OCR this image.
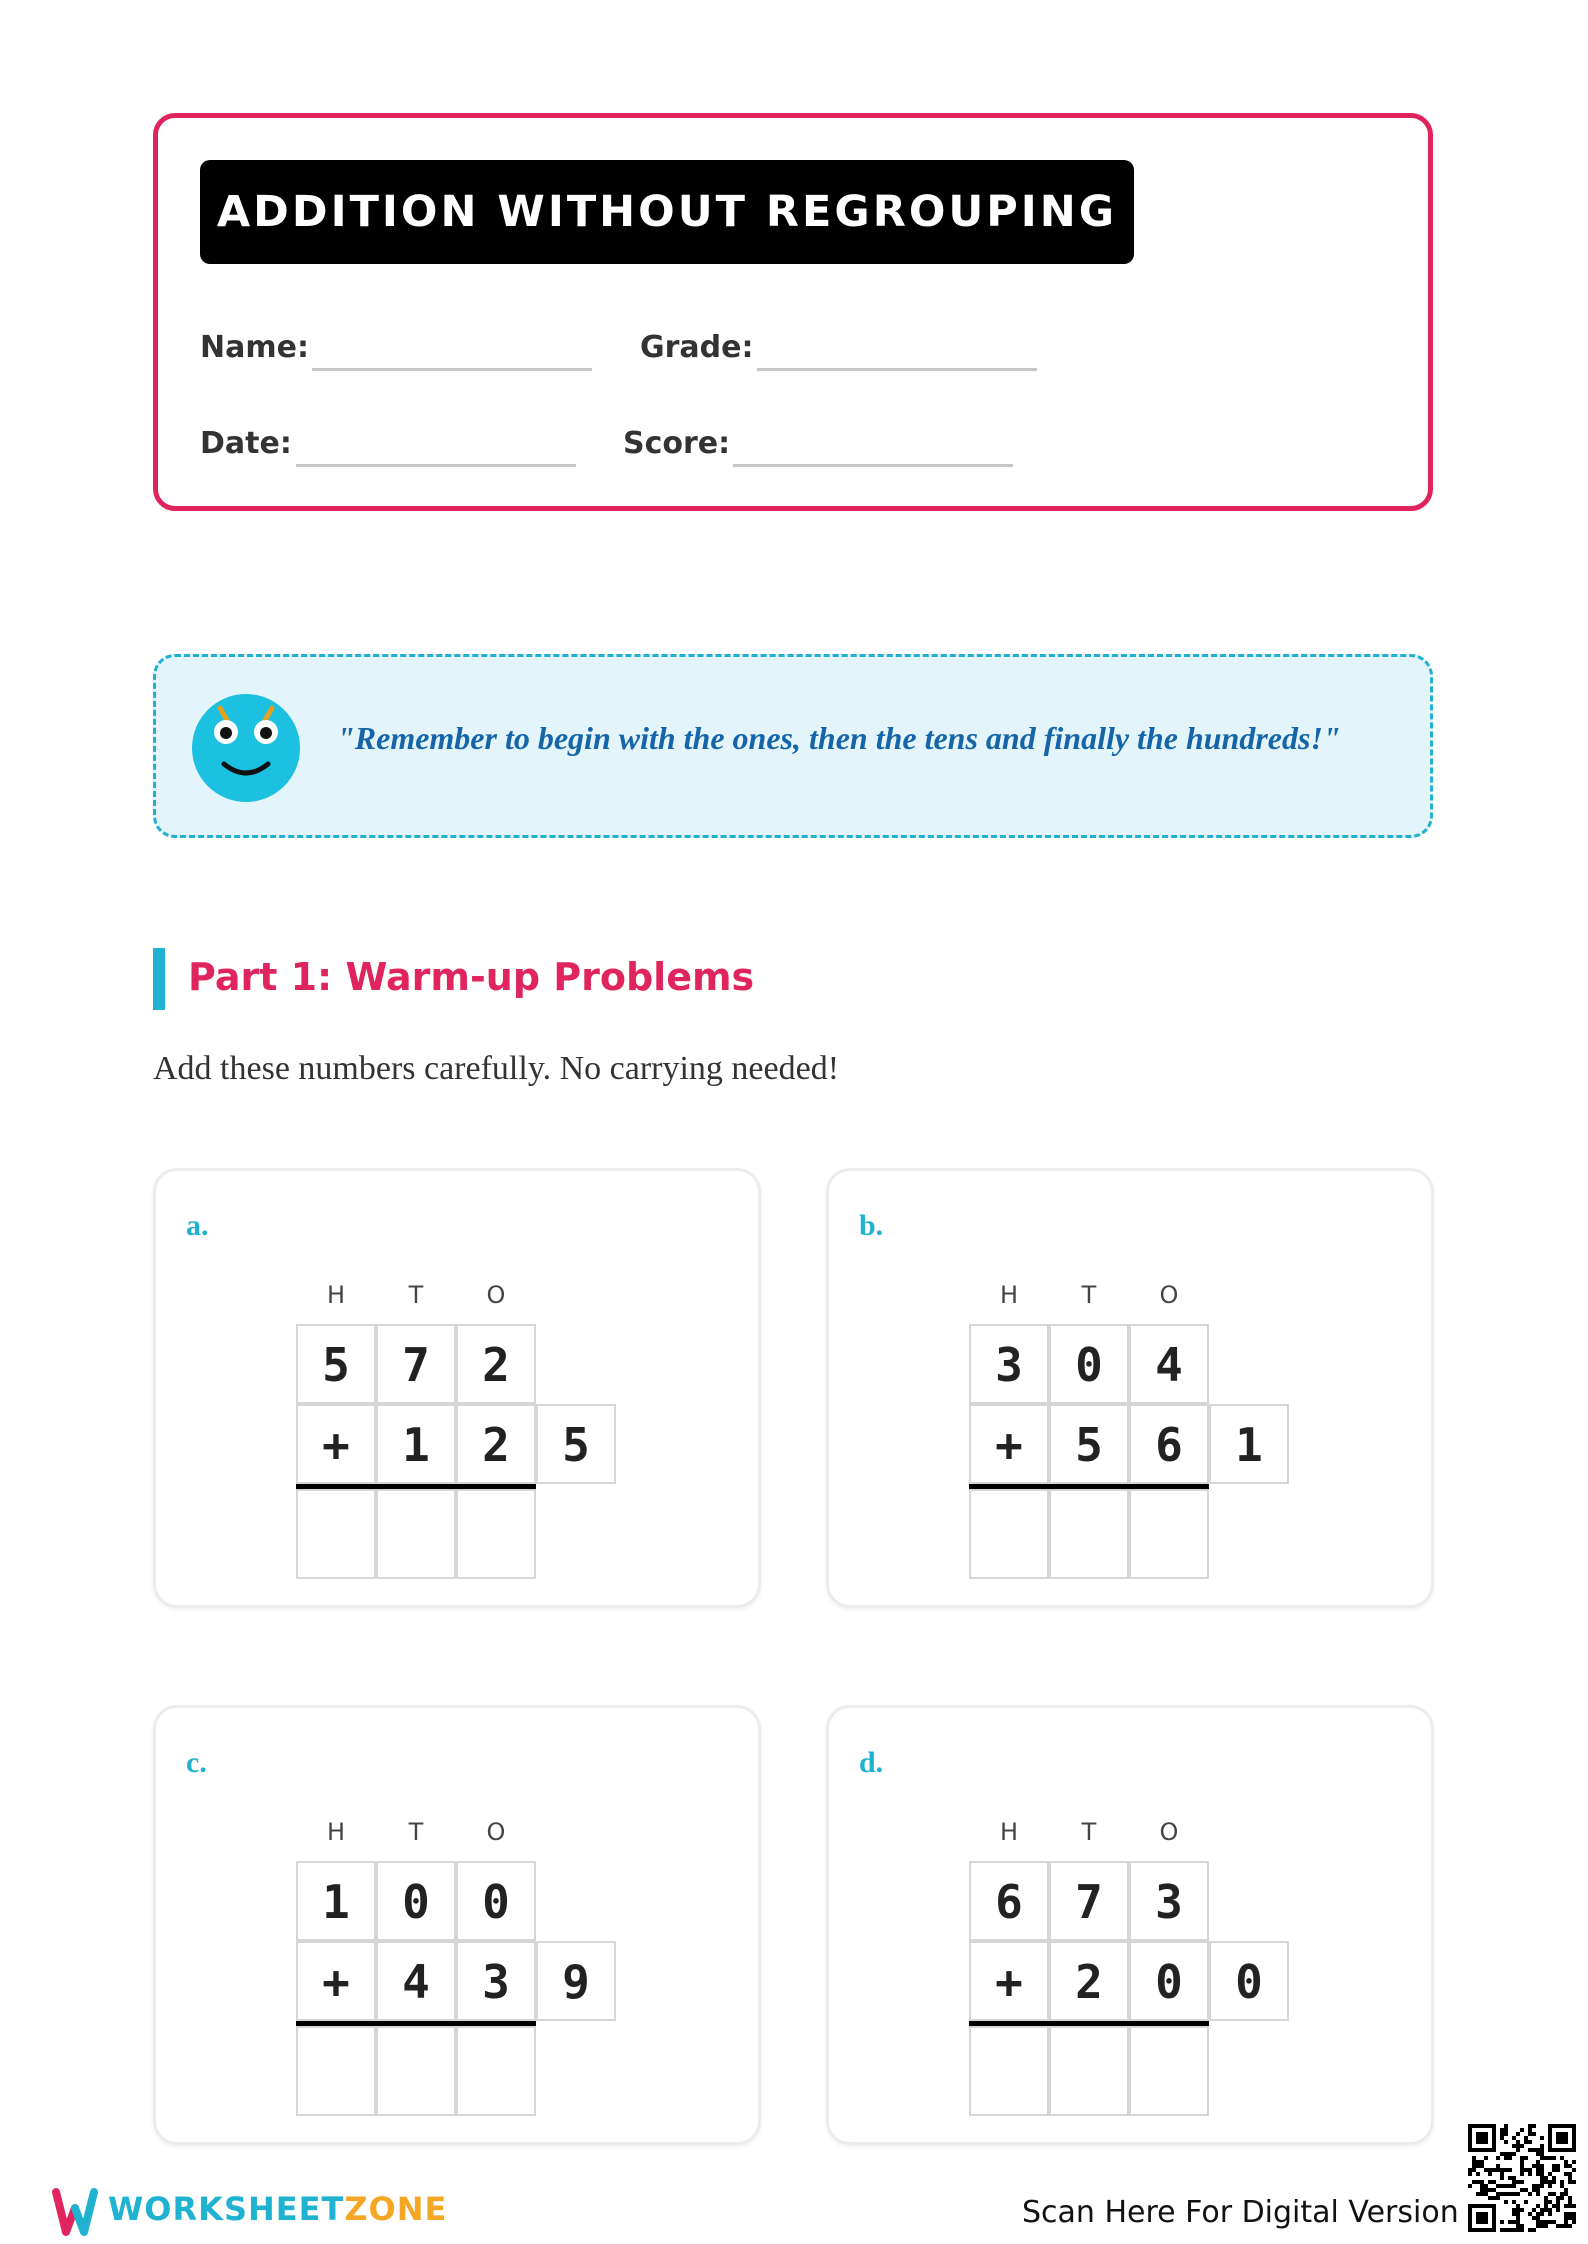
ADDITION WITHOUT REGROUPING
Name:	Grade:
Date:	Score:
"Remember to begin with the ones, then the tens and finally the hundreds!"
Part 1: Warm-up Problems
Add these numbers carefully. No carrying needed!
a.
H	T	O
5	7	2
+	1	2	5
b.
H	T	O
3	0	4
+	5	6	1
c.
H	T	O
1	0	0
+	4	3	9
d.
H	T	O
6	7	3
+	2	0	0
WORKSHEETZONE	Scan Here For Digital Version
